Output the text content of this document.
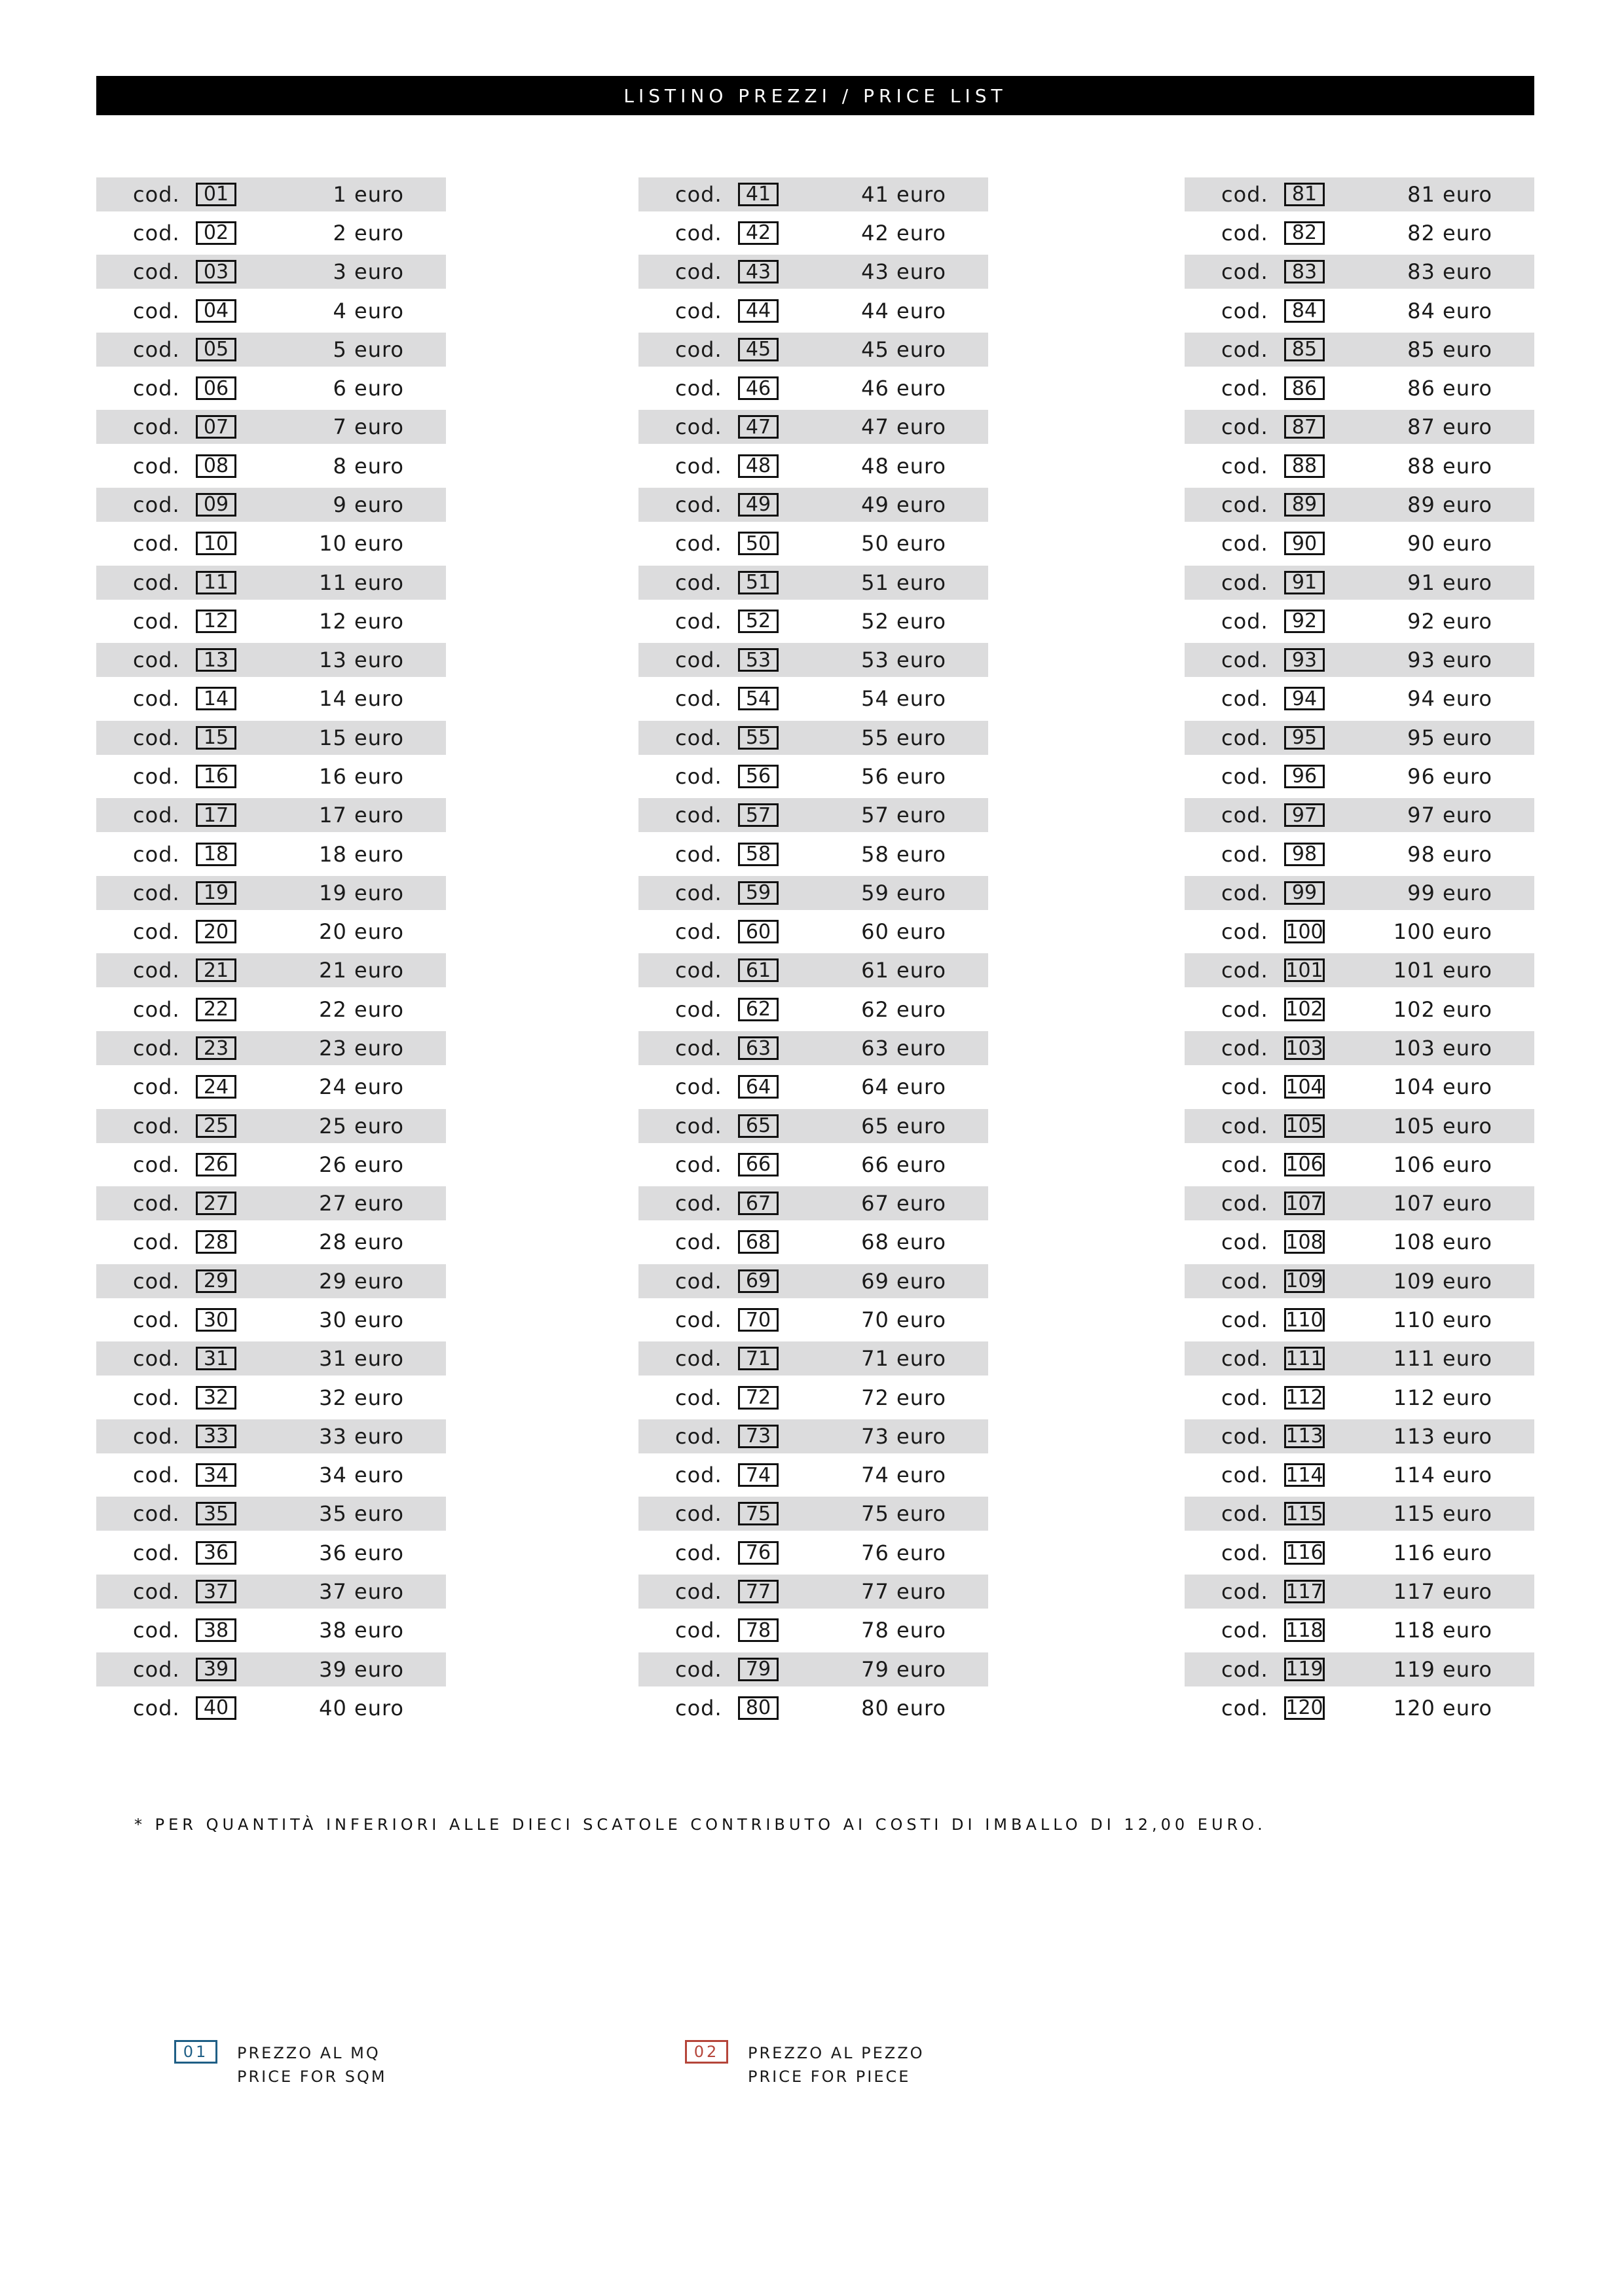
LISTINO PREZZI / PRICE LIST
cod.	01	1 euro
cod.	02	2 euro
cod.	03	3 euro
cod.	04	4 euro
cod.	05	5 euro
cod.	06	6 euro
cod.	07	7 euro
cod.	08	8 euro
cod.	09	9 euro
cod.	10	10 euro
cod.	11	11 euro
cod.	12	12 euro
cod.	13	13 euro
cod.	14	14 euro
cod.	15	15 euro
cod.	16	16 euro
cod.	17	17 euro
cod.	18	18 euro
cod.	19	19 euro
cod.	20	20 euro
cod.	21	21 euro
cod.	22	22 euro
cod.	23	23 euro
cod.	24	24 euro
cod.	25	25 euro
cod.	26	26 euro
cod.	27	27 euro
cod.	28	28 euro
cod.	29	29 euro
cod.	30	30 euro
cod.	31	31 euro
cod.	32	32 euro
cod.	33	33 euro
cod.	34	34 euro
cod.	35	35 euro
cod.	36	36 euro
cod.	37	37 euro
cod.	38	38 euro
cod.	39	39 euro
cod.	40	40 euro
cod.	41	41 euro
cod.	42	42 euro
cod.	43	43 euro
cod.	44	44 euro
cod.	45	45 euro
cod.	46	46 euro
cod.	47	47 euro
cod.	48	48 euro
cod.	49	49 euro
cod.	50	50 euro
cod.	51	51 euro
cod.	52	52 euro
cod.	53	53 euro
cod.	54	54 euro
cod.	55	55 euro
cod.	56	56 euro
cod.	57	57 euro
cod.	58	58 euro
cod.	59	59 euro
cod.	60	60 euro
cod.	61	61 euro
cod.	62	62 euro
cod.	63	63 euro
cod.	64	64 euro
cod.	65	65 euro
cod.	66	66 euro
cod.	67	67 euro
cod.	68	68 euro
cod.	69	69 euro
cod.	70	70 euro
cod.	71	71 euro
cod.	72	72 euro
cod.	73	73 euro
cod.	74	74 euro
cod.	75	75 euro
cod.	76	76 euro
cod.	77	77 euro
cod.	78	78 euro
cod.	79	79 euro
cod.	80	80 euro
cod.	81	81 euro
cod.	82	82 euro
cod.	83	83 euro
cod.	84	84 euro
cod.	85	85 euro
cod.	86	86 euro
cod.	87	87 euro
cod.	88	88 euro
cod.	89	89 euro
cod.	90	90 euro
cod.	91	91 euro
cod.	92	92 euro
cod.	93	93 euro
cod.	94	94 euro
cod.	95	95 euro
cod.	96	96 euro
cod.	97	97 euro
cod.	98	98 euro
cod.	99	99 euro
cod. 100	100 euro
cod. 101	101 euro
cod. 102	102 euro
cod. 103	103 euro
cod. 104	104 euro
cod. 105	105 euro
cod. 106	106 euro
cod. 107	107 euro
cod. 108	108 euro
cod. 109	109 euro
cod. 110	110 euro
cod. 111	111 euro
cod. 112	112 euro
cod. 113	113 euro
cod. 114	114 euro
cod. 115	115 euro
cod. 116	116 euro
cod. 117	117 euro
cod. 118	118 euro
cod. 119	119 euro
cod. 120	120 euro
* PER QUANTITÀ INFERIORI ALLE DIECI SCATOLE CONTRIBUTO AI COSTI DI IMBALLO DI 12,00 EURO.
01	PREZZO AL MQ
PRICE FOR SQM
02	PREZZO AL PEZZO
PRICE FOR PIECE
